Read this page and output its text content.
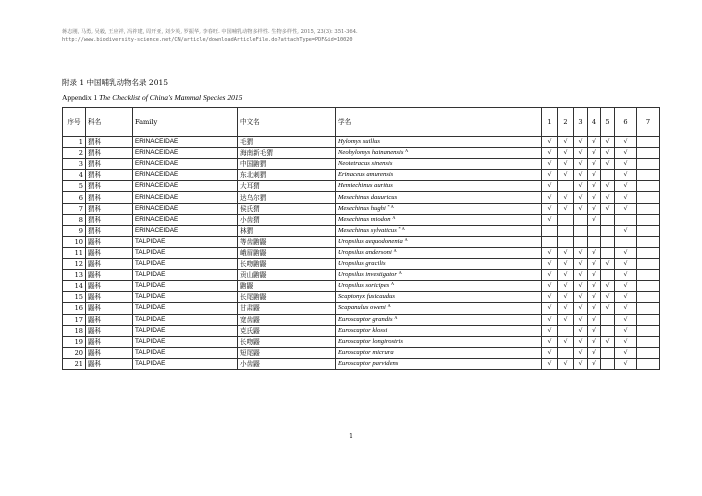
蒋志刚, 马勇, 吴毅, 王应祥, 冯祚建, 周开亚, 刘少英, 罗振华, 李春旺. 中国哺乳动物多样性. 生物多样性, 2015, 23(3): 351-364.
http://www.biodiversity-science.net/CN/article/downloadArticleFile.do?attachType=PDF&id=10020
附录 1 中国哺乳动物名录 2015
Appendix 1 The Checklist of China's Mammal Species 2015
序号	科名	Family	中文名	学名	1	2	3	4	5	6	7
1	猬科	ERINACEIDAE	毛猬	Hylomys suillus	√	√	√	√	√	√	
2	猬科	ERINACEIDAE	海南新毛猬	Neohylomys hainanensis $^A$	√	√	√	√	√	√	
3	猬科	ERINACEIDAE	中国鼩猬	Neotetracus sinensis	√	√	√	√	√	√	
4	猬科	ERINACEIDAE	东北刺猬	Erinaceus amurensis	√	√	√	√		√	
5	猬科	ERINACEIDAE	大耳猬	Hemiechinus auritus	√		√	√	√	√	
6	猬科	ERINACEIDAE	达乌尔猬	Mesechinus dauuricus	√	√	√	√	√	√	
7	猬科	ERINACEIDAE	侯氏猬	Mesechinus hughi $^{* A}$	√	√	√	√	√	√	
8	猬科	ERINACEIDAE	小齿猬	Mesechinus miodon $^A$	√			√			
9	猬科	ERINACEIDAE	林猬	Mesechinus sylvaticus $^{* A}$						√	
10	鼹科	TALPIDAE	等齿鼩鼹	Uropsilus aequodonenia $^A$							
11	鼹科	TALPIDAE	峨眉鼩鼹	Uropsilus andersoni $^A$	√	√	√	√		√	
12	鼹科	TALPIDAE	长吻鼩鼹	Uropsilus gracilis	√	√	√	√	√	√	
13	鼹科	TALPIDAE	贡山鼩鼹	Uropsilus investigator $^A$	√	√	√	√		√	
14	鼹科	TALPIDAE	鼩鼹	Uropsilus soricipes $^A$	√	√	√	√	√	√	
15	鼹科	TALPIDAE	长尾鼩鼹	Scaptonyx fusicaudus	√	√	√	√	√	√	
16	鼹科	TALPIDAE	甘肃鼹	Scapanulus oweni $^A$	√	√	√	√	√	√	
17	鼹科	TALPIDAE	宽齿鼹	Euroscaptor grandis $^A$	√	√	√	√		√	
18	鼹科	TALPIDAE	克氏鼹	Euroscaptor klossi	√		√	√		√	
19	鼹科	TALPIDAE	长吻鼹	Euroscaptor longirostris	√	√	√	√	√	√	
20	鼹科	TALPIDAE	短尾鼹	Euroscaptor micrura	√		√	√		√	
21	鼹科	TALPIDAE	小齿鼹	Euroscaptor parvidens	√	√	√	√		√	
1
